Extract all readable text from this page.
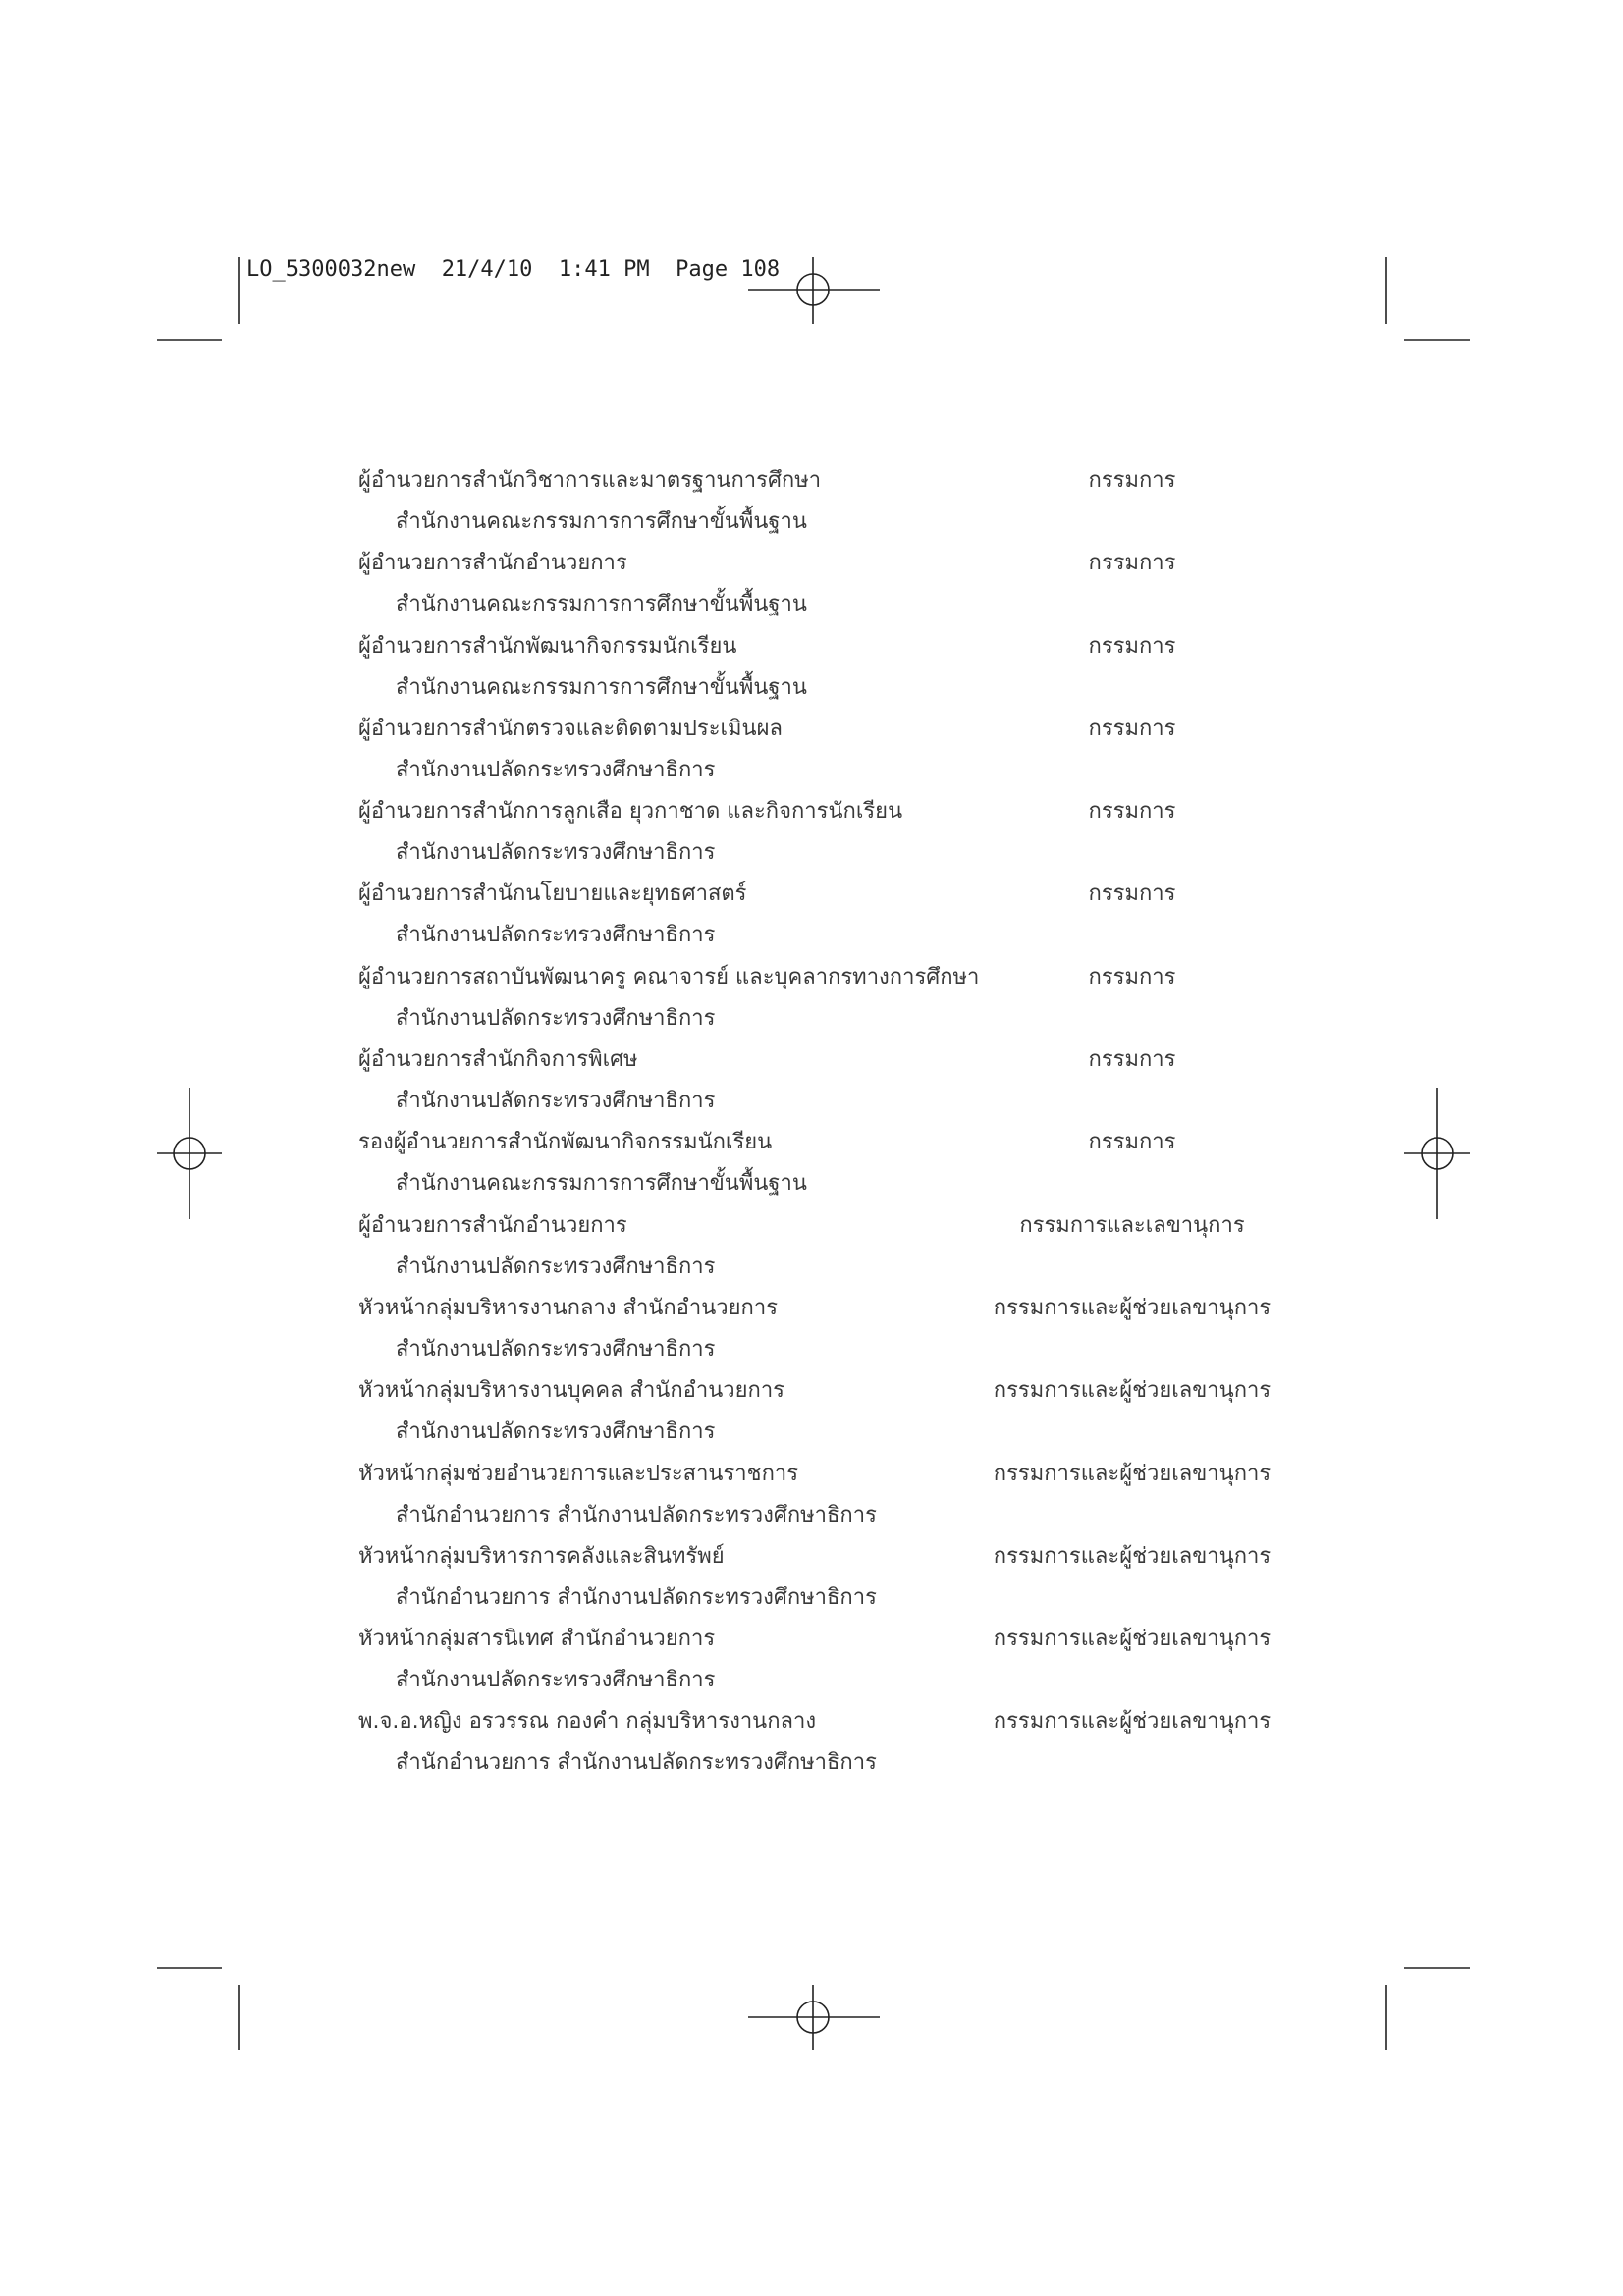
LO_5300032new 21/4/10 1:41 PM Page 108
ผู้อำนวยการสำนักวิชาการและมาตรฐานการศึกษา
สำนักงานคณะกรรมการการศึกษาขั้นพื้นฐาน
กรรมการ
ผู้อำนวยการสำนักอำนวยการ
สำนักงานคณะกรรมการการศึกษาขั้นพื้นฐาน
กรรมการ
ผู้อำนวยการสำนักพัฒนากิจกรรมนักเรียน
สำนักงานคณะกรรมการการศึกษาขั้นพื้นฐาน
กรรมการ
ผู้อำนวยการสำนักตรวจและติดตามประเมินผล
สำนักงานปลัดกระทรวงศึกษาธิการ
กรรมการ
ผู้อำนวยการสำนักการลูกเสือ ยุวกาชาด และกิจการนักเรียน
สำนักงานปลัดกระทรวงศึกษาธิการ
กรรมการ
ผู้อำนวยการสำนักนโยบายและยุทธศาสตร์
สำนักงานปลัดกระทรวงศึกษาธิการ
กรรมการ
ผู้อำนวยการสถาบันพัฒนาครู คณาจารย์ และบุคลากรทางการศึกษา
สำนักงานปลัดกระทรวงศึกษาธิการ
กรรมการ
ผู้อำนวยการสำนักกิจการพิเศษ
สำนักงานปลัดกระทรวงศึกษาธิการ
กรรมการ
รองผู้อำนวยการสำนักพัฒนากิจกรรมนักเรียน
สำนักงานคณะกรรมการการศึกษาขั้นพื้นฐาน
กรรมการ
ผู้อำนวยการสำนักอำนวยการ
สำนักงานปลัดกระทรวงศึกษาธิการ
กรรมการและเลขานุการ
หัวหน้ากลุ่มบริหารงานกลาง สำนักอำนวยการ
สำนักงานปลัดกระทรวงศึกษาธิการ
กรรมการและผู้ช่วยเลขานุการ
หัวหน้ากลุ่มบริหารงานบุคคล สำนักอำนวยการ
สำนักงานปลัดกระทรวงศึกษาธิการ
กรรมการและผู้ช่วยเลขานุการ
หัวหน้ากลุ่มช่วยอำนวยการและประสานราชการ
สำนักอำนวยการ สำนักงานปลัดกระทรวงศึกษาธิการ
กรรมการและผู้ช่วยเลขานุการ
หัวหน้ากลุ่มบริหารการคลังและสินทรัพย์
สำนักอำนวยการ สำนักงานปลัดกระทรวงศึกษาธิการ
กรรมการและผู้ช่วยเลขานุการ
หัวหน้ากลุ่มสารนิเทศ สำนักอำนวยการ
สำนักงานปลัดกระทรวงศึกษาธิการ
กรรมการและผู้ช่วยเลขานุการ
พ.จ.อ.หญิง อรวรรณ กองคำ กลุ่มบริหารงานกลาง
สำนักอำนวยการ สำนักงานปลัดกระทรวงศึกษาธิการ
กรรมการและผู้ช่วยเลขานุการ
